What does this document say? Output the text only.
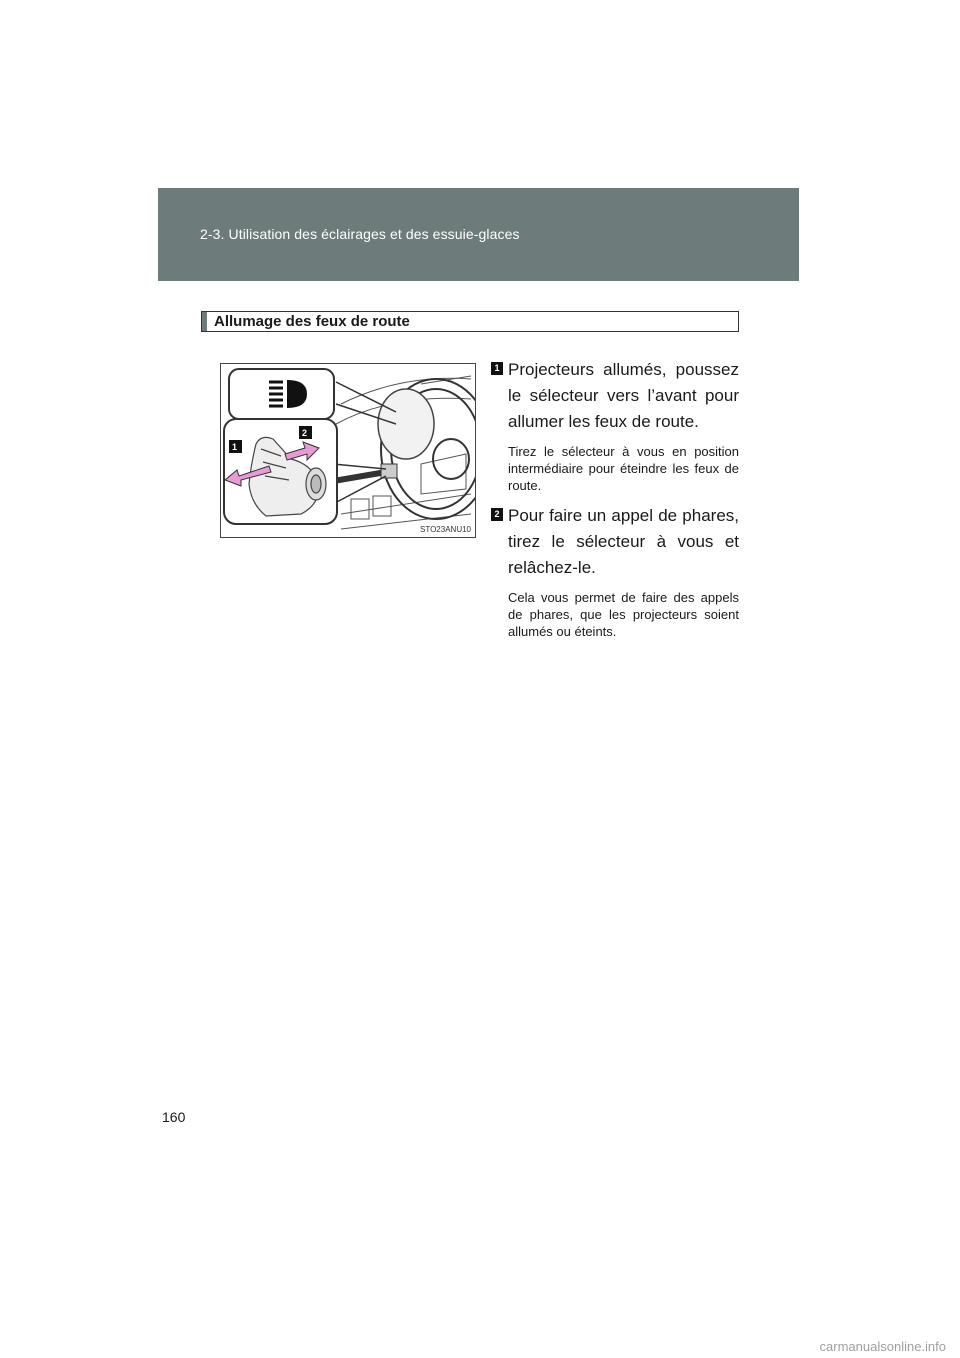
2-3. Utilisation des éclairages et des essuie-glaces
Allumage des feux de route
1
2
STO23ANU10
1 Projecteurs allumés, poussez le sélecteur vers l’avant pour allumer les feux de route.
Tirez le sélecteur à vous en position intermédiaire pour éteindre les feux de route.
2 Pour faire un appel de phares, tirez le sélecteur à vous et relâchez-le.
Cela vous permet de faire des appels de phares, que les projecteurs soient allumés ou éteints.
160
carmanualsonline.info
